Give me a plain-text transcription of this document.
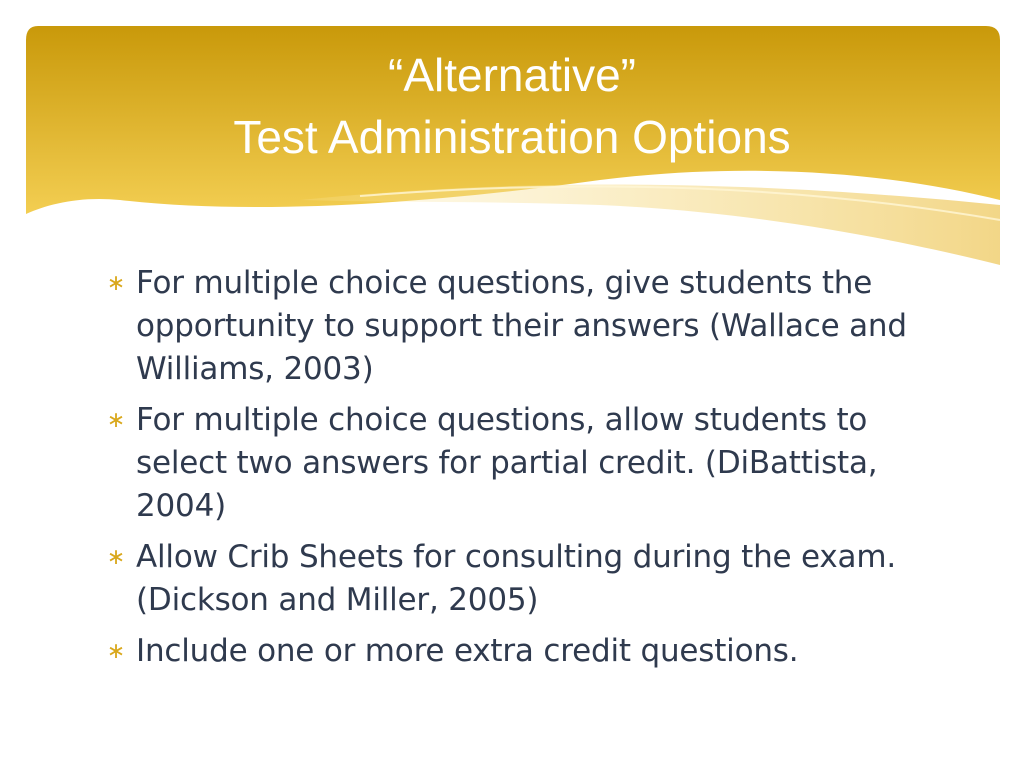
“Alternative”
Test Administration Options
∗ For multiple choice questions, give students the opportunity to support their answers (Wallace and Williams, 2003)
∗ For multiple choice questions, allow students to select two answers for partial credit. (DiBattista, 2004)
∗ Allow Crib Sheets for consulting during the exam. (Dickson and Miller, 2005)
∗ Include one or more extra credit questions.
